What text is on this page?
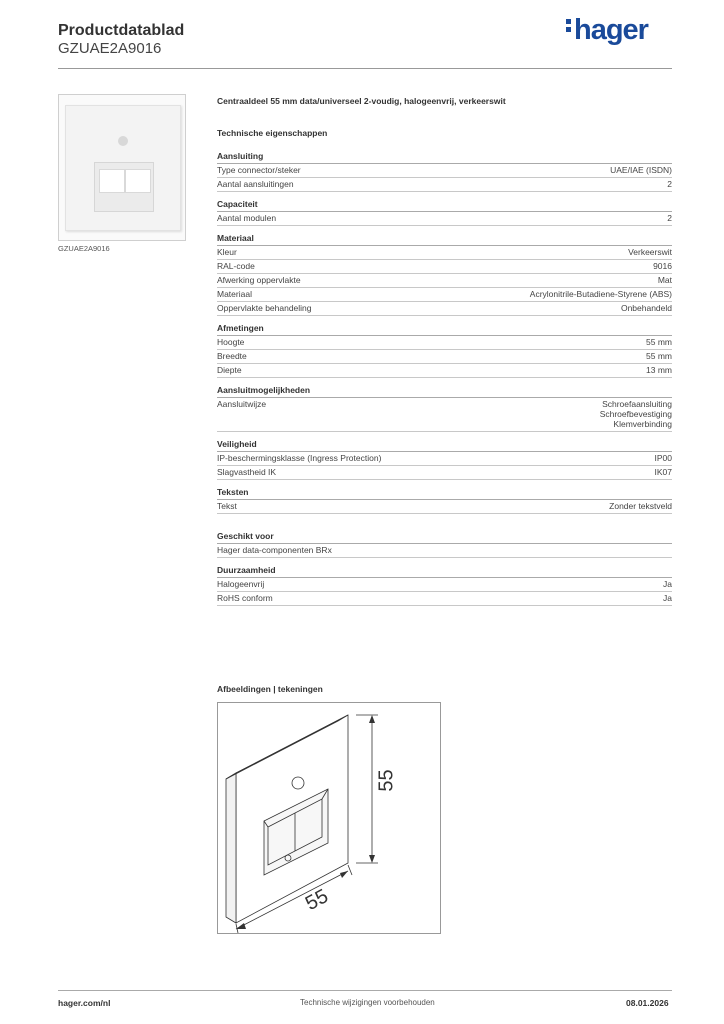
Productdatablad
GZUAE2A9016
hager
GZUAE2A9016
Centraaldeel 55 mm data/universeel 2-voudig, halogeenvrij, verkeerswit
Technische eigenschappen
Aansluiting
Type connector/steker	UAE/IAE (ISDN)
Aantal aansluitingen	2
Capaciteit
Aantal modulen	2
Materiaal
Kleur	Verkeerswit
RAL-code	9016
Afwerking oppervlakte	Mat
Materiaal	Acrylonitrile-Butadiene-Styrene (ABS)
Oppervlakte behandeling	Onbehandeld
Afmetingen
Hoogte	55 mm
Breedte	55 mm
Diepte	13 mm
Aansluitmogelijkheden
Aansluitwijze	Schroefaansluiting
Schroefbevestiging
Klemverbinding
Veiligheid
IP-beschermingsklasse (Ingress Protection)	IP00
Slagvastheid IK	IK07
Teksten
Tekst	Zonder tekstveld
Geschikt voor
Hager data-componenten BRx
Duurzaamheid
Halogeenvrij	Ja
RoHS conform	Ja
Afbeeldingen | tekeningen
55
55
hager.com/nl	Technische wijzigingen voorbehouden	08.01.2026
